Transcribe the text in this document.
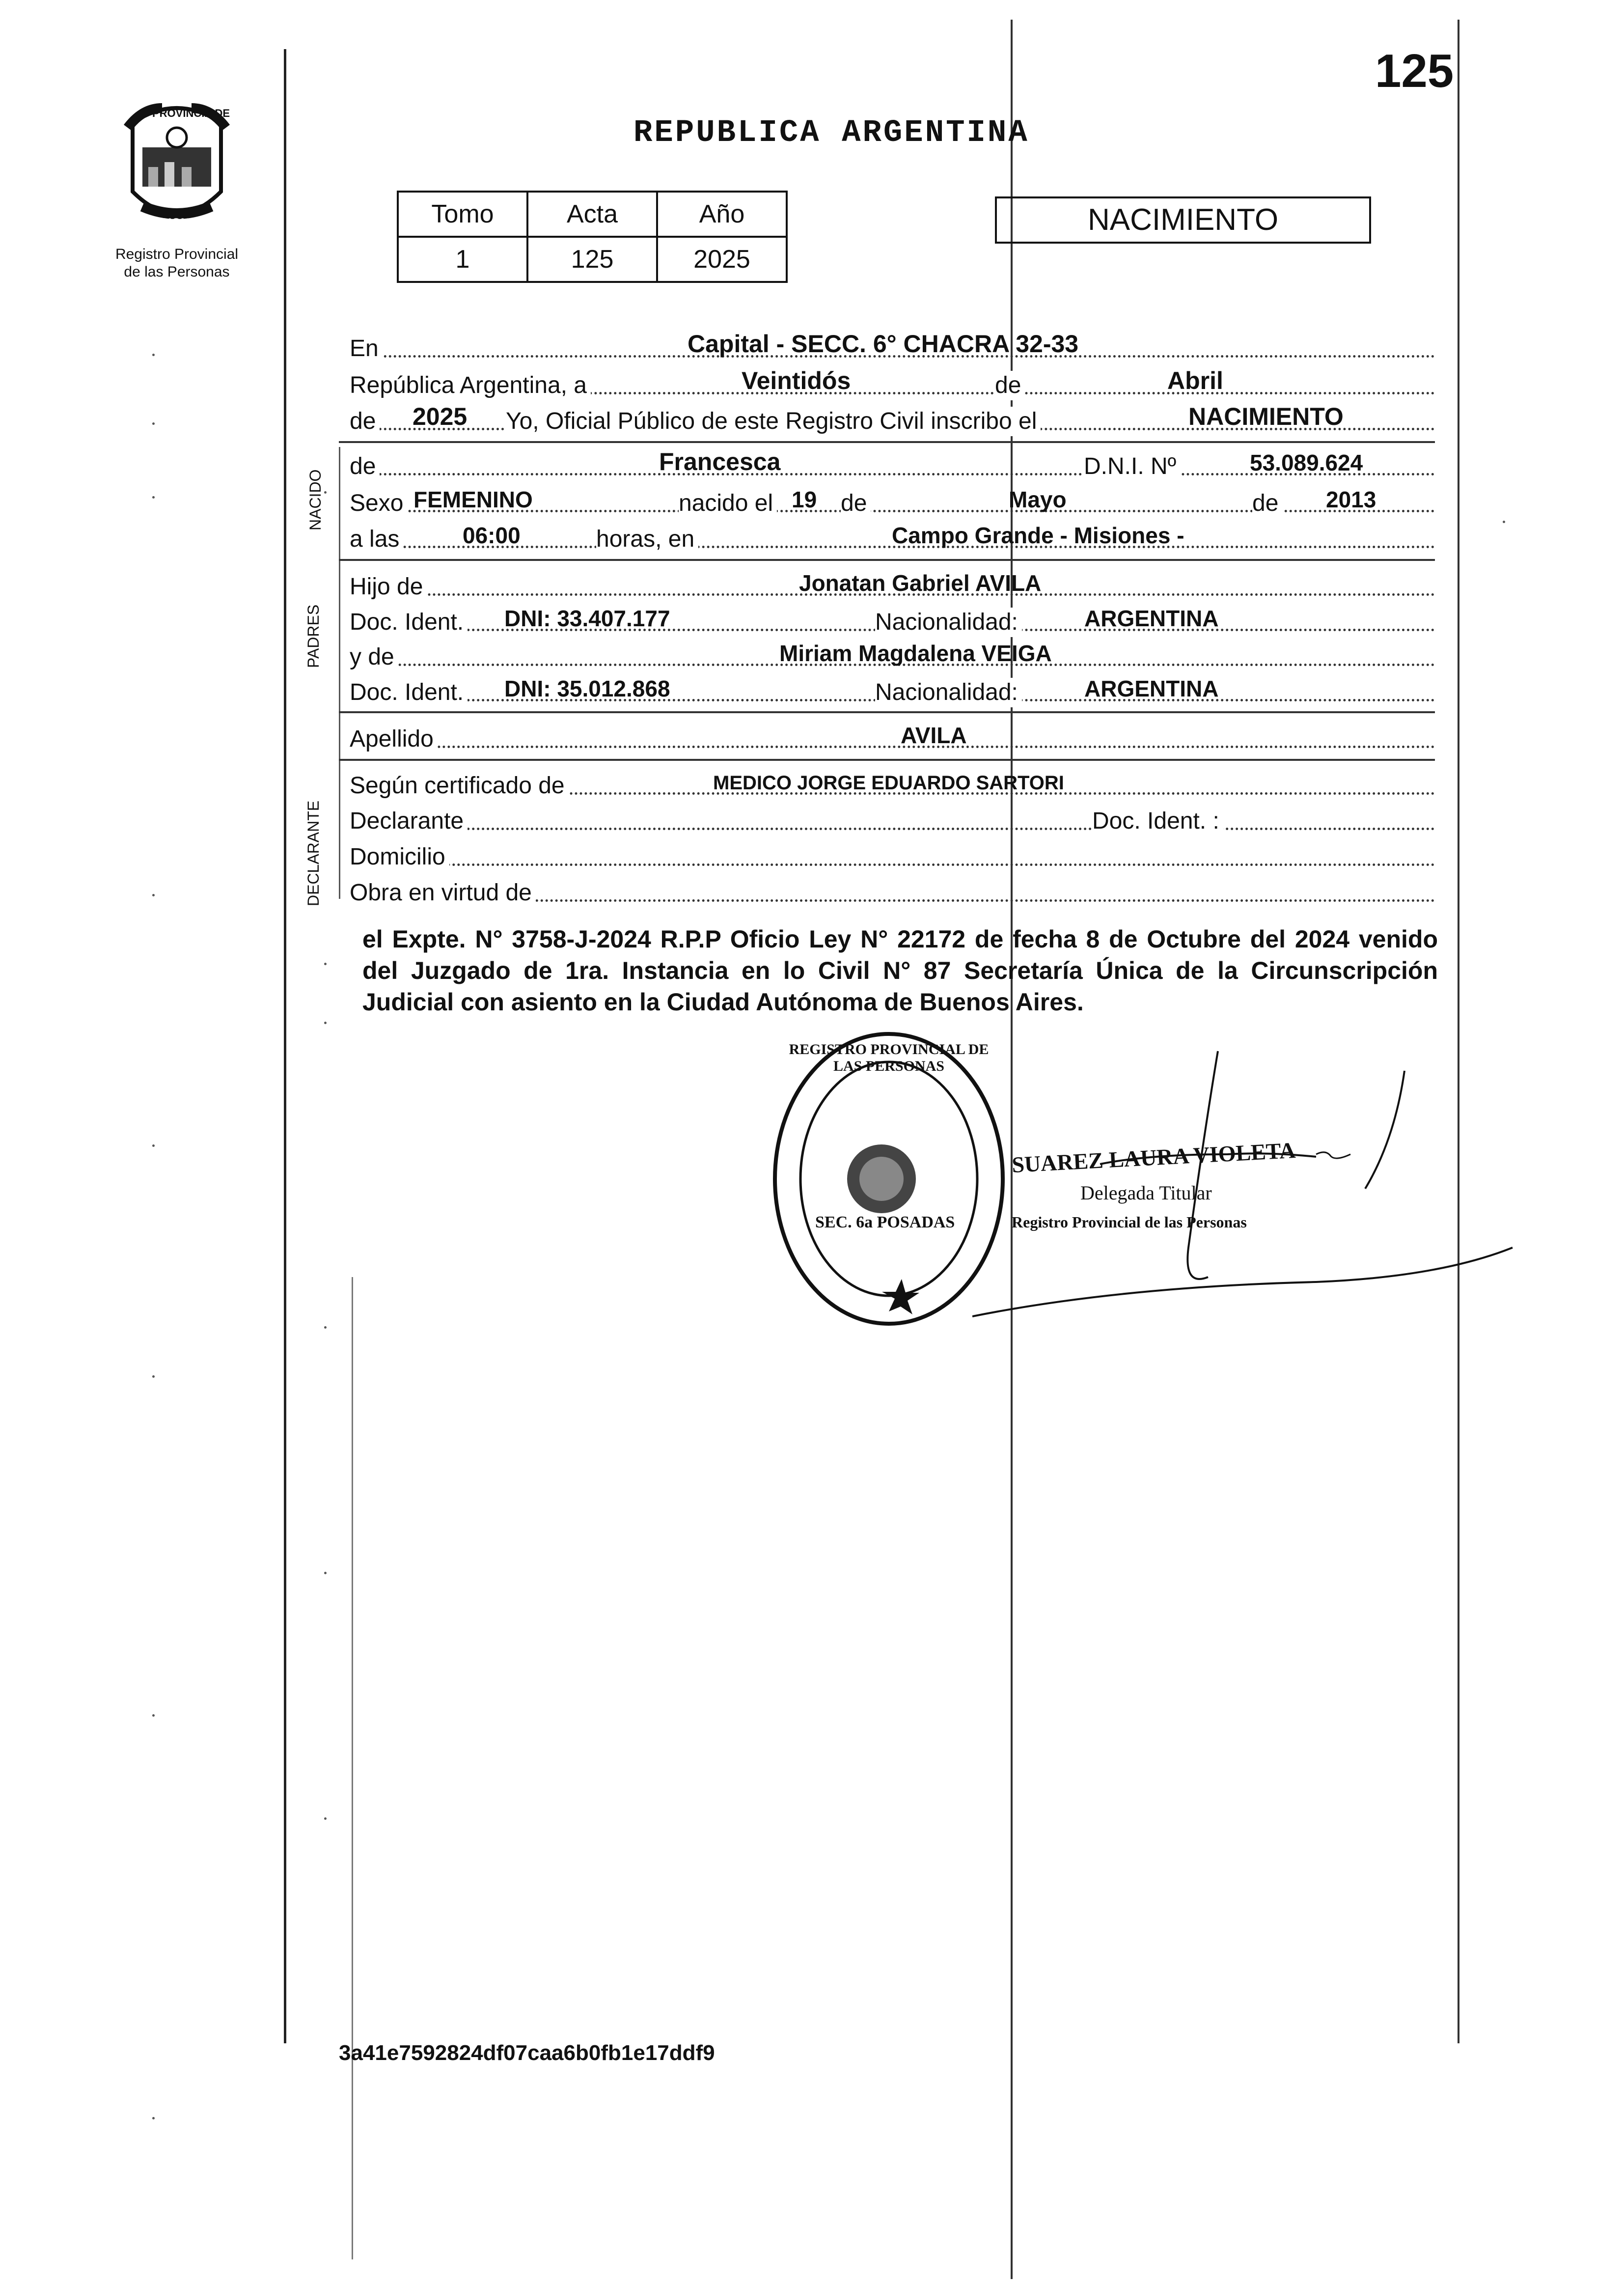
125
PROVINCIA DE
MISIONES
Registro Provincial
de las Personas
REPUBLICA ARGENTINA
Tomo	Acta	Año
1	125	2025
NACIMIENTO
En	Capital - SECC. 6° CHACRA 32-33
República Argentina, a	Veintidós	de	Abril
de 2025 Yo, Oficial Público de este Registro Civil inscribo el	NACIMIENTO
de	Francesca	D.N.I. Nº	53.089.624
Sexo FEMENINO	nacido el 19 de	Mayo	de 2013
a las	06:00	horas, en	Campo Grande - Misiones -
Hijo de	Jonatan Gabriel AVILA
Doc. Ident. DNI: 33.407.177	Nacionalidad:	ARGENTINA
y de	Miriam Magdalena VEIGA
Doc. Ident. DNI: 35.012.868	Nacionalidad:	ARGENTINA
Apellido	AVILA
Según certificado de	MEDICO JORGE EDUARDO SARTORI
Declarante	Doc. Ident. :
Domicilio
Obra en virtud de
NACIDO
PADRES
DECLARANTE
el Expte. N° 3758-J-2024 R.P.P Oficio Ley N° 22172 de fecha 8 de Octubre del 2024 venido del Juzgado de 1ra. Instancia en lo Civil N° 87 Secretaría Única de la Circunscripción Judicial con asiento en la Ciudad Autónoma de Buenos Aires.
REGISTRO PROVINCIAL DE LAS PERSONAS
SEC. 6a POSADAS
SUAREZ LAURA VIOLETA
Delegada Titular
Registro Provincial de las Personas
3a41e7592824df07caa6b0fb1e17ddf9
